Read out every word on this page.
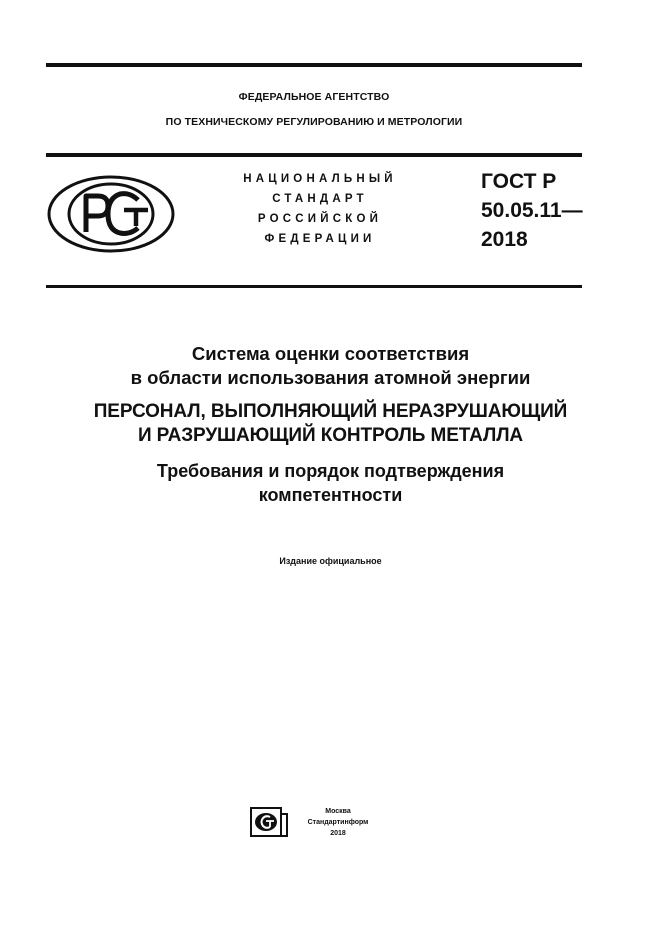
ФЕДЕРАЛЬНОЕ АГЕНТСТВО
ПО ТЕХНИЧЕСКОМУ РЕГУЛИРОВАНИЮ И МЕТРОЛОГИИ
НАЦИОНАЛЬНЫЙ
СТАНДАРТ
РОССИЙСКОЙ
ФЕДЕРАЦИИ
ГОСТ Р
50.05.11—
2018
Система оценки соответствия
в области использования атомной энергии
ПЕРСОНАЛ, ВЫПОЛНЯЮЩИЙ НЕРАЗРУШАЮЩИЙ
И РАЗРУШАЮЩИЙ КОНТРОЛЬ МЕТАЛЛА
Требования и порядок подтверждения
компетентности
Издание официальное
Москва
Стандартинформ
2018
